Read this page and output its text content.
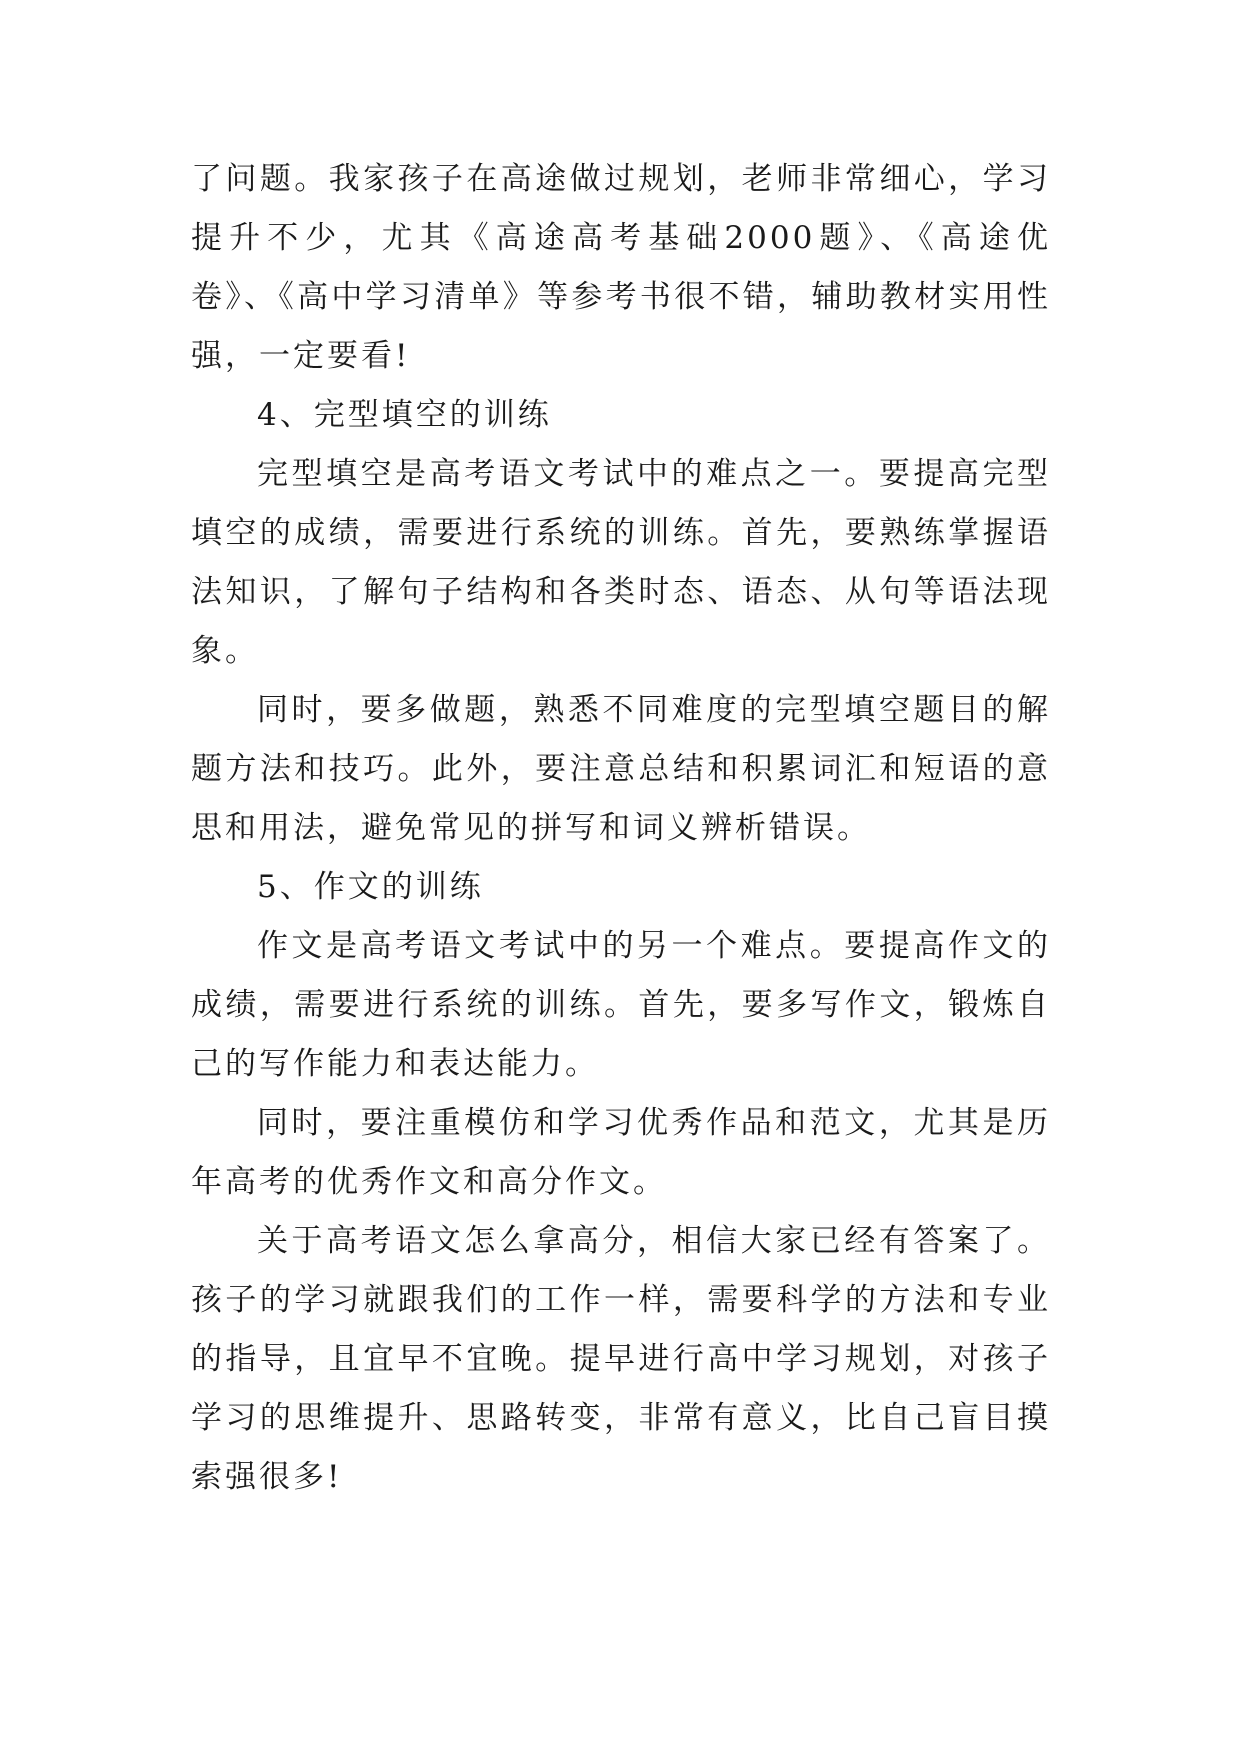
了问题。我家孩子在高途做过规划，老师非常细心，学习提升不少，尤其《高途高考基础2000题》、《高途优卷》、《高中学习清单》等参考书很不错，辅助教材实用性强，一定要看!

4、完型填空的训练

完型填空是高考语文考试中的难点之一。要提高完型填空的成绩，需要进行系统的训练。首先，要熟练掌握语法知识，了解句子结构和各类时态、语态、从句等语法现象。

同时，要多做题，熟悉不同难度的完型填空题目的解题方法和技巧。此外，要注意总结和积累词汇和短语的意思和用法，避免常见的拼写和词义辨析错误。

5、作文的训练

作文是高考语文考试中的另一个难点。要提高作文的成绩，需要进行系统的训练。首先，要多写作文，锻炼自己的写作能力和表达能力。

同时，要注重模仿和学习优秀作品和范文，尤其是历年高考的优秀作文和高分作文。

关于高考语文怎么拿高分，相信大家已经有答案了。孩子的学习就跟我们的工作一样，需要科学的方法和专业的指导，且宜早不宜晚。提早进行高中学习规划，对孩子学习的思维提升、思路转变，非常有意义，比自己盲目摸索强很多!
